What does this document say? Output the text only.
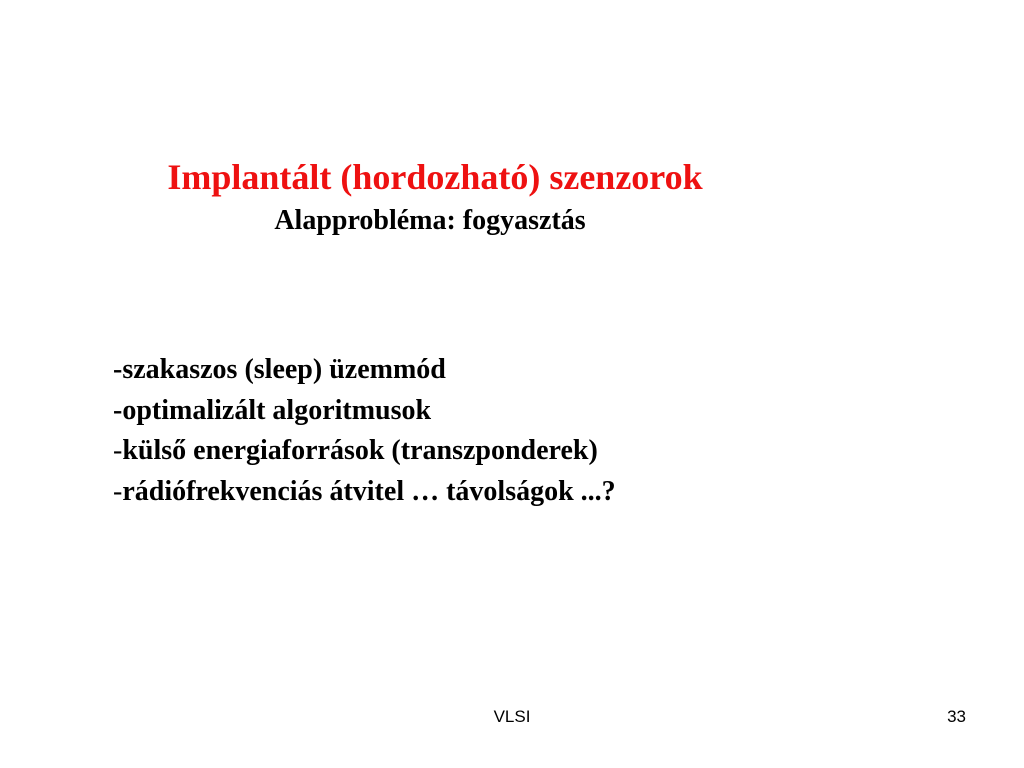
Implantált (hordozható) szenzorok
Alapprobléma: fogyasztás
-szakaszos (sleep) üzemmód
-optimalizált algoritmusok
-külső energiaforrások (transzponderek)
-rádiófrekvenciás átvitel … távolságok ...?
VLSI	33
